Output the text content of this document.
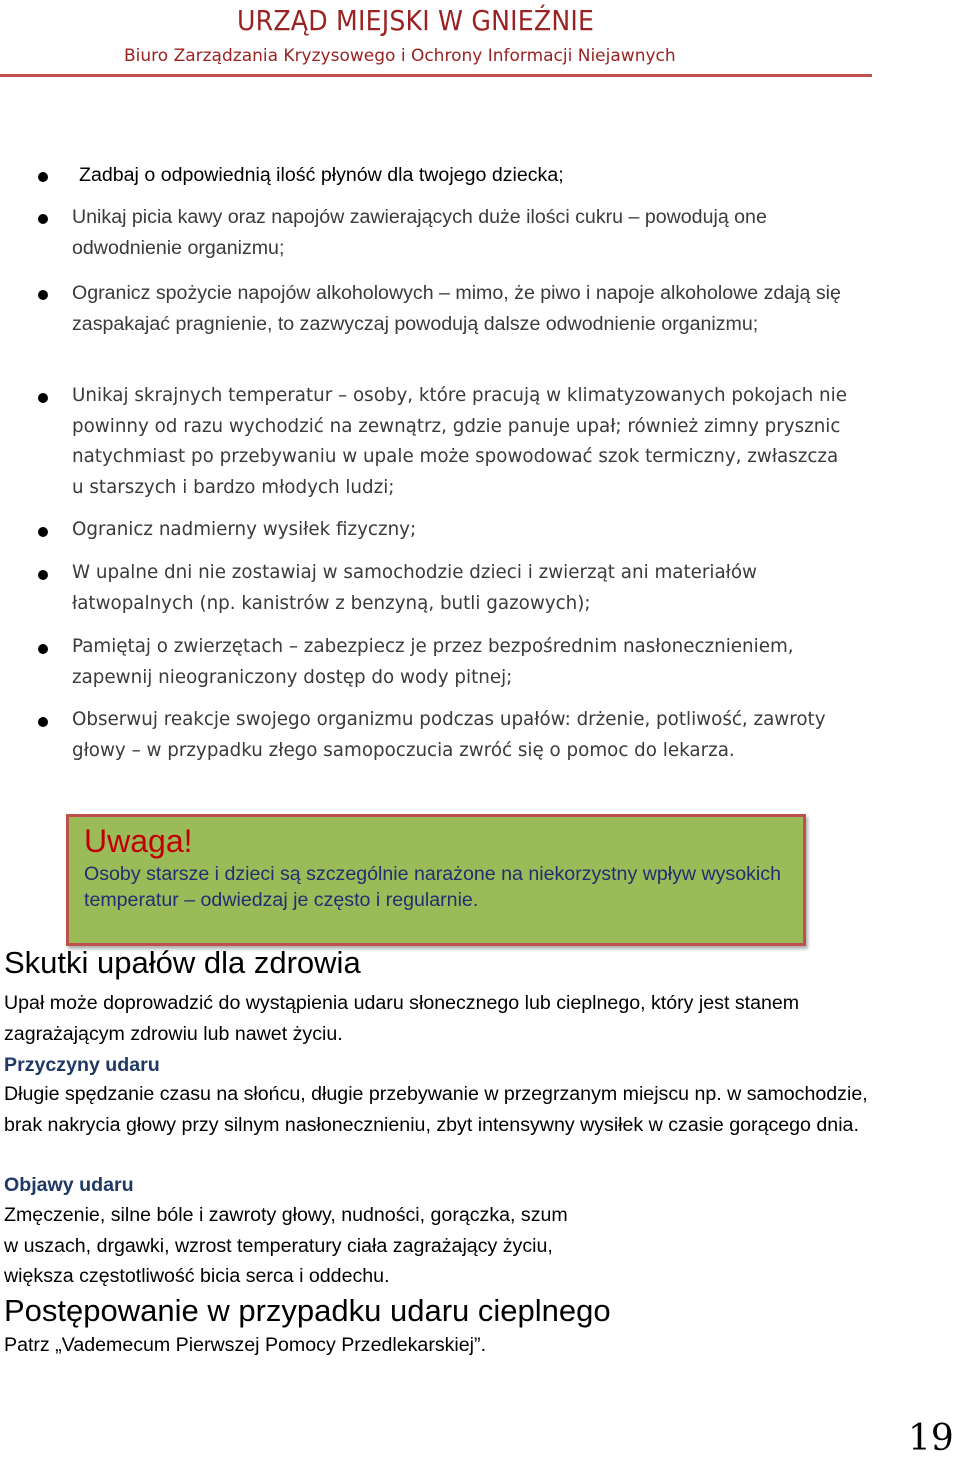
URZĄD MIEJSKI W GNIEŹNIE
Biuro Zarządzania Kryzysowego i Ochrony Informacji Niejawnych
Zadbaj o odpowiednią ilość płynów dla twojego dziecka;
Unikaj picia kawy oraz napojów zawierających duże ilości cukru – powodują one odwodnienie organizmu;
Ogranicz spożycie napojów alkoholowych – mimo, że piwo i napoje alkoholowe zdają się zaspakajać pragnienie, to zazwyczaj powodują dalsze odwodnienie organizmu;
Unikaj skrajnych temperatur – osoby, które pracują w klimatyzowanych pokojach nie powinny od razu wychodzić na zewnątrz, gdzie panuje upał; również zimny prysznic natychmiast po przebywaniu w upale może spowodować szok termiczny, zwłaszcza u starszych i bardzo młodych ludzi;
Ogranicz nadmierny wysiłek fizyczny;
W upalne dni nie zostawiaj w samochodzie dzieci i zwierząt ani materiałów łatwopalnych (np. kanistrów z benzyną, butli gazowych);
Pamiętaj o zwierzętach – zabezpiecz je przez bezpośrednim nasłonecznieniem, zapewnij nieograniczony dostęp do wody pitnej;
Obserwuj reakcje swojego organizmu podczas upałów: drżenie, potliwość, zawroty głowy – w przypadku złego samopoczucia zwróć się o pomoc do lekarza.
Uwaga!
Osoby starsze i dzieci są szczególnie narażone na niekorzystny wpływ wysokich temperatur – odwiedzaj je często i regularnie.
Skutki upałów dla zdrowia
Upał może doprowadzić do wystąpienia udaru słonecznego lub cieplnego, który jest stanem zagrażającym zdrowiu lub nawet życiu.
Przyczyny udaru
Długie spędzanie czasu na słońcu, długie przebywanie w przegrzanym miejscu np. w samochodzie, brak nakrycia głowy przy silnym nasłonecznieniu, zbyt intensywny wysiłek w czasie gorącego dnia.
Objawy udaru
Zmęczenie, silne bóle i zawroty głowy, nudności, gorączka, szum
w uszach, drgawki, wzrost temperatury ciała zagrażający życiu,
większa częstotliwość bicia serca i oddechu.
Postępowanie w przypadku udaru cieplnego
Patrz „Vademecum Pierwszej Pomocy Przedlekarskiej”.
19
